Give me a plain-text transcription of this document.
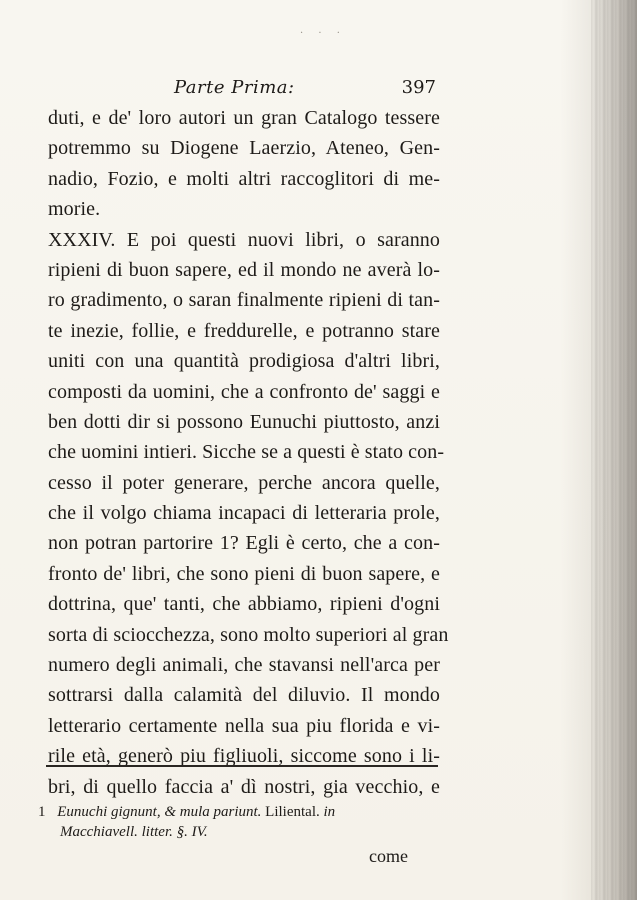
· · ·
Parte Prima:	397
duti, e de' loro autori un gran Catalogo tessere
potremmo su Diogene Laerzio, Ateneo, Gen-
nadio, Fozio, e molti altri raccoglitori di me-
morie.
XXXIV. E poi questi nuovi libri, o saranno
ripieni di buon sapere, ed il mondo ne averà lo-
ro gradimento, o saran finalmente ripieni di tan-
te inezie, follie, e freddurelle, e potranno stare
uniti con una quantità prodigiosa d'altri libri,
composti da uomini, che a confronto de' saggi e
ben dotti dir si possono Eunuchi piuttosto, anzi
che uomini intieri. Sicche se a questi è stato con-
cesso il poter generare, perche ancora quelle,
che il volgo chiama incapaci di letteraria prole,
non potran partorire 1? Egli è certo, che a con-
fronto de' libri, che sono pieni di buon sapere, e
dottrina, que' tanti, che abbiamo, ripieni d'ogni
sorta di sciocchezza, sono molto superiori al gran
numero degli animali, che stavansi nell'arca per
sottrarsi dalla calamità del diluvio. Il mondo
letterario certamente nella sua piu florida e vi-
rile età, generò piu figliuoli, siccome sono i li-
bri, di quello faccia a' dì nostri, gia vecchio, e
1 Eunuchi gignunt, & mula pariunt. Liliental. in
Macchiavell. litter. §. IV.
come
